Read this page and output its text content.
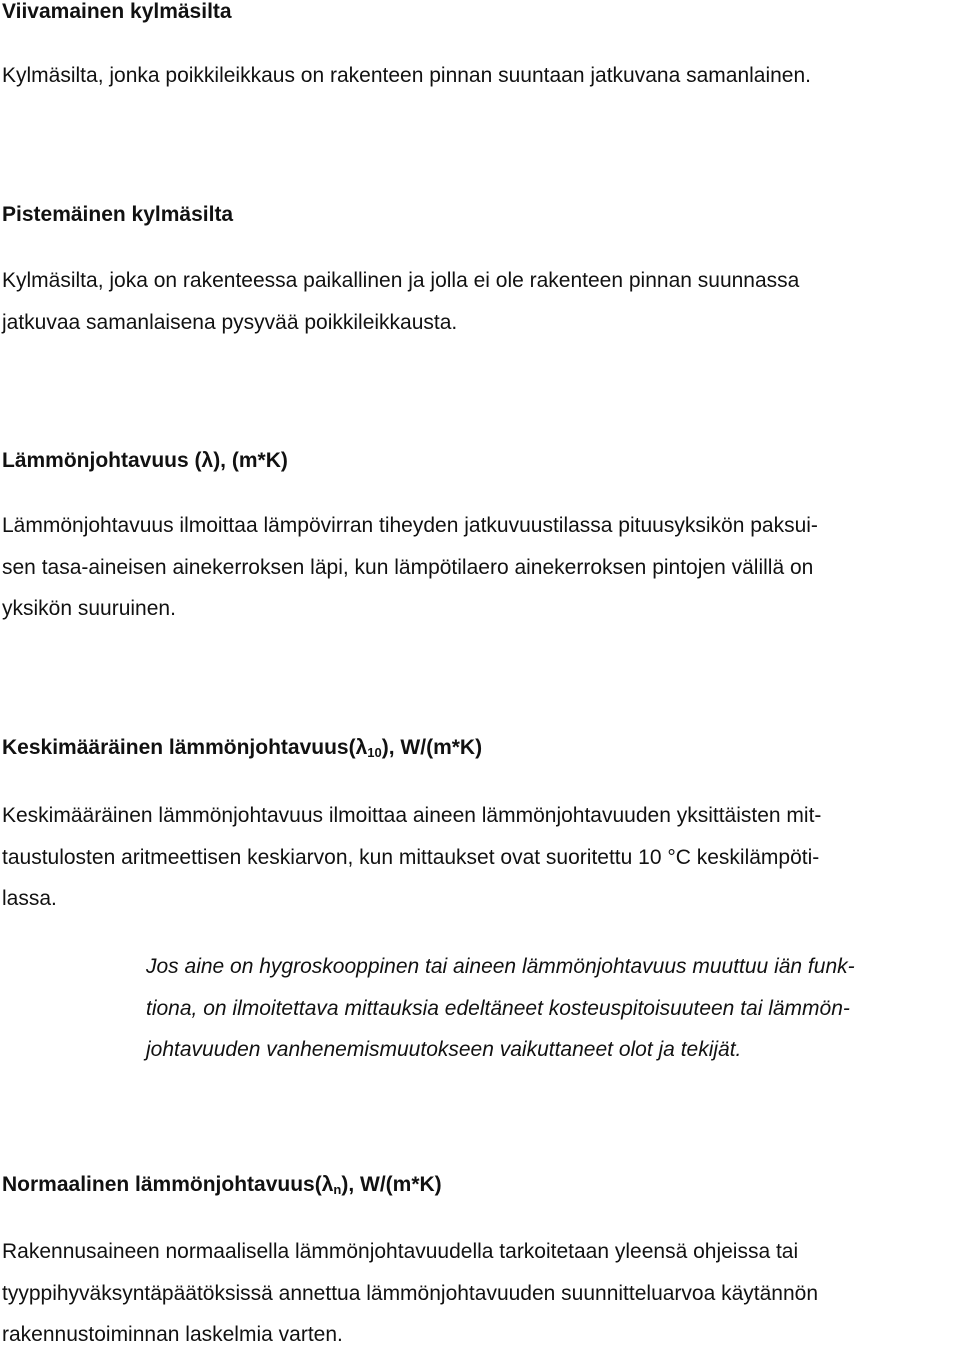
Viivamainen kylmäsilta

Kylmäsilta, jonka poikkileikkaus on rakenteen pinnan suuntaan jatkuvana samanlainen.

Pistemäinen kylmäsilta

Kylmäsilta, joka on rakenteessa paikallinen ja jolla ei ole rakenteen pinnan suunnassa
jatkuvaa samanlaisena pysyvää poikkileikkausta.

Lämmönjohtavuus (λ), (m*K)

Lämmönjohtavuus ilmoittaa lämpövirran tiheyden jatkuvuustilassa pituusyksikön paksui-
sen tasa-aineisen ainekerroksen läpi, kun lämpötilaero ainekerroksen pintojen välillä on
yksikön suuruinen.

Keskimääräinen $lämmönjohtavuus(\lambda_{10})$, W/(m*K)

Keskimääräinen lämmönjohtavuus ilmoittaa aineen lämmönjohtavuuden yksittäisten mit-
taustulosten aritmeettisen keskiarvon, kun mittaukset ovat suoritettu 10 °C keskilämpöti-
lassa.

Jos aine on hygroskooppinen tai aineen lämmönjohtavuus muuttuu iän funk-
tiona, on ilmoitettava mittauksia edeltäneet kosteuspitoisuuteen tai lämmön-
johtavuuden vanhenemismuutokseen vaikuttaneet olot ja tekijät.

Normaalinen $lämmönjohtavuus(\lambda_n)$, W/(m*K)

Rakennusaineen normaalisella lämmönjohtavuudella tarkoitetaan yleensä ohjeissa tai
tyyppihyväksyntäpäätöksissä annettua lämmönjohtavuuden suunnitteluarvoa käytännön
rakennustoiminnan laskelmia varten.
